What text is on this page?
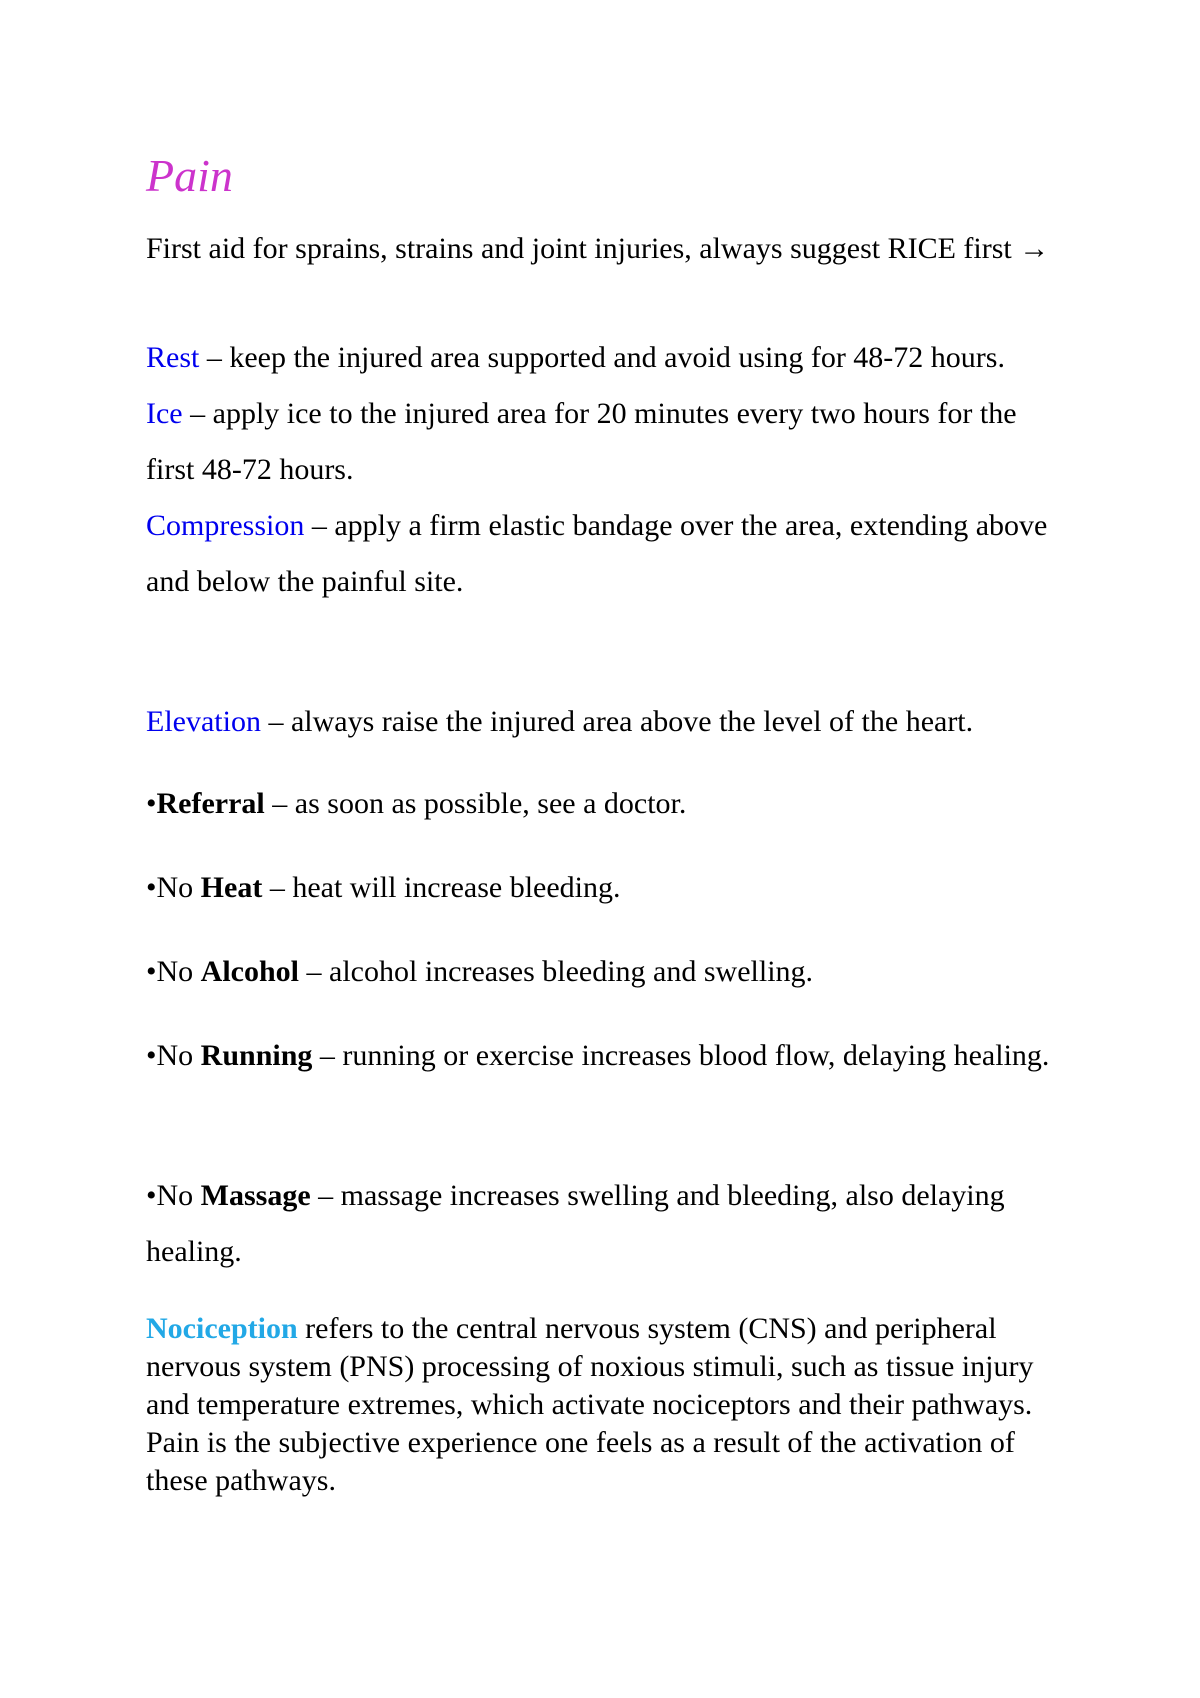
Pain

First aid for sprains, strains and joint injuries, always suggest RICE first →

Rest – keep the injured area supported and avoid using for 48-72 hours.

Ice – apply ice to the injured area for 20 minutes every two hours for the first 48-72 hours.

Compression – apply a firm elastic bandage over the area, extending above and below the painful site.

Elevation – always raise the injured area above the level of the heart.

•Referral – as soon as possible, see a doctor.

•No Heat – heat will increase bleeding.

•No Alcohol – alcohol increases bleeding and swelling.

•No Running – running or exercise increases blood flow, delaying healing.

•No Massage – massage increases swelling and bleeding, also delaying healing.

Nociception refers to the central nervous system (CNS) and peripheral nervous system (PNS) processing of noxious stimuli, such as tissue injury and temperature extremes, which activate nociceptors and their pathways. Pain is the subjective experience one feels as a result of the activation of these pathways.
